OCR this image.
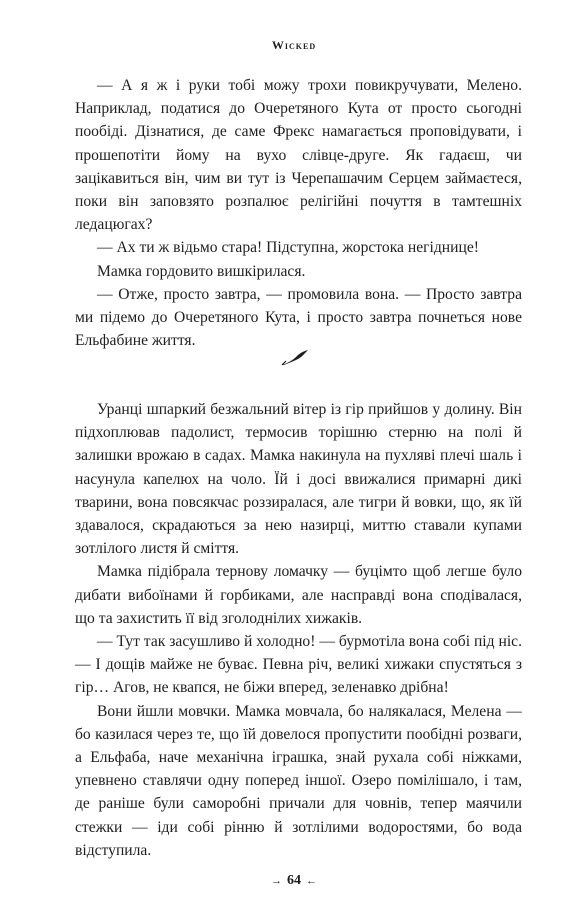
Wicked

— А я ж і руки тобі можу трохи повикручувати, Мелено. Наприклад, податися до Очеретяного Кута от просто сьогодні пообіді. Дізнатися, де саме Фрекс намагається проповідувати, і прошепотіти йому на вухо слівце-друге. Як гадаєш, чи зацікавиться він, чим ви тут із Черепашачим Серцем займаєтеся, поки він заповзято розпалює релігійні почуття в тамтешніх ледацюгах?

— Ах ти ж відьмо стара! Підступна, жорстока негіднице!

Мамка гордовито вишкірилася.

— Отже, просто завтра, — промовила вона. — Просто завтра ми підемо до Очеретяного Кута, і просто завтра почнеться нове Ельфабине життя.

Уранці шпаркий безжальний вітер із гір прийшов у долину. Він підхоплював падолист, термосив торішню стерню на полі й залишки врожаю в садах. Мамка накинула на пухляві плечі шаль і насунула капелюх на чоло. Їй і досі ввижалися примарні дикі тварини, вона повсякчас роззиралася, але тигри й вовки, що, як їй здавалося, скрадаються за нею назирці, миттю ставали купами зотлілого листя й сміття.

Мамка підібрала тернову ломачку — буцімто щоб легше було дибати вибоїнами й горбиками, але насправді вона сподівалася, що та захистить її від зголоднілих хижаків.

— Тут так засушливо й холодно! — бурмотіла вона собі під ніс. — І дощів майже не буває. Певна річ, великі хижаки спустяться з гір… Агов, не квапся, не біжи вперед, зеленавко дрібна!

Вони йшли мовчки. Мамка мовчала, бо налякалася, Мелена — бо казилася через те, що їй довелося пропустити пообідні розваги, а Ельфаба, наче механічна іграшка, знай рухала собі ніжками, упевнено ставлячи одну поперед іншої. Озеро помілішало, і там, де раніше були саморобні причали для човнів, тепер маячили стежки — іди собі рінню й зотлілими водоростями, бо вода відступила.

→ 64 ←
